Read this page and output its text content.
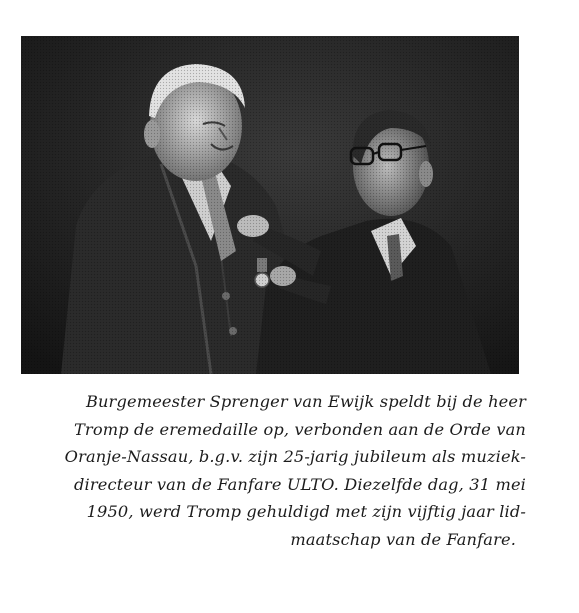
Burgemeester Sprenger van Ewijk speldt bij de heer
Tromp de eremedaille op, verbonden aan de Orde van
Oranje-Nassau, b.g.v. zijn 25-jarig jubileum als muziek-
directeur van de Fanfare ULTO. Diezelfde dag, 31 mei
1950, werd Tromp gehuldigd met zijn vijftig jaar lid-
maatschap van de Fanfare.
